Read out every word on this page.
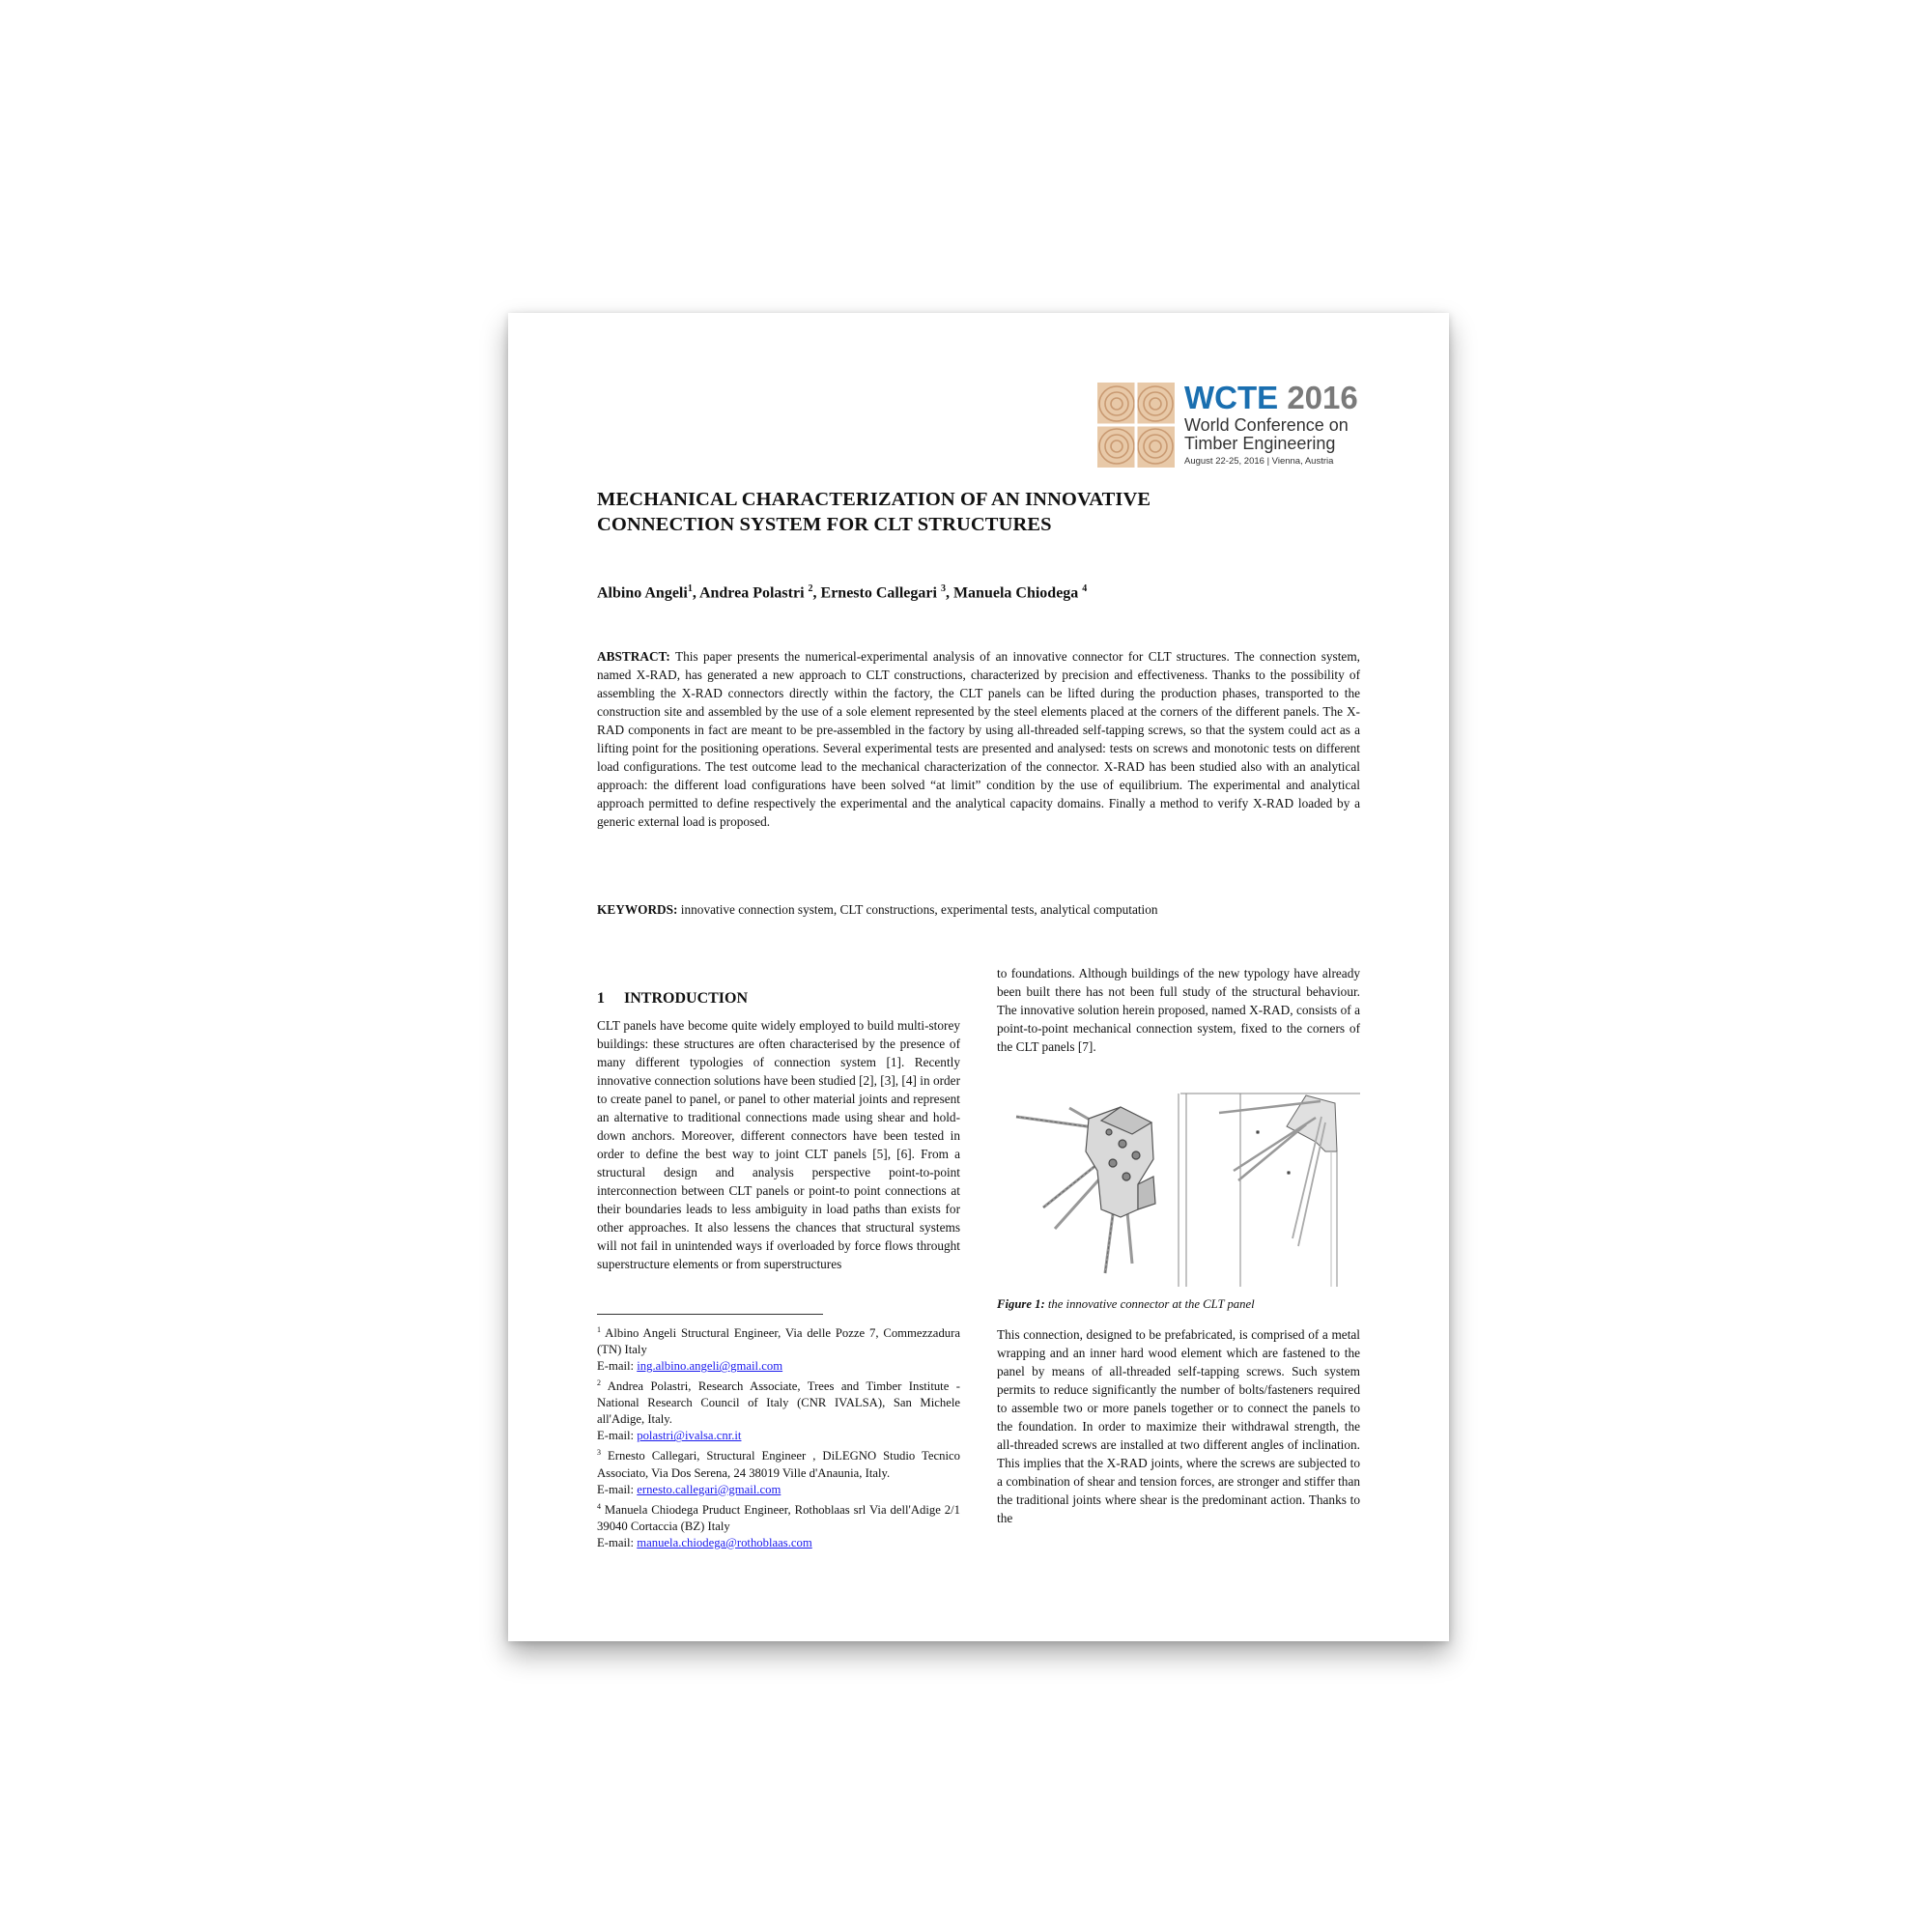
WCTE 2016
World Conference on
Timber Engineering
August 22-25, 2016 | Vienna, Austria
MECHANICAL CHARACTERIZATION OF AN INNOVATIVE
CONNECTION SYSTEM FOR CLT STRUCTURES
Albino Angeli$^1$, Andrea Polastri $^2$, Ernesto Callegari $^3$, Manuela Chiodega $^4$
ABSTRACT: This paper presents the numerical-experimental analysis of an innovative connector for CLT structures. The connection system, named X-RAD, has generated a new approach to CLT constructions, characterized by precision and effectiveness. Thanks to the possibility of assembling the X-RAD connectors directly within the factory, the CLT panels can be lifted during the production phases, transported to the construction site and assembled by the use of a sole element represented by the steel elements placed at the corners of the different panels. The X-RAD components in fact are meant to be pre-assembled in the factory by using all-threaded self-tapping screws, so that the system could act as a lifting point for the positioning operations. Several experimental tests are presented and analysed: tests on screws and monotonic tests on different load configurations. The test outcome lead to the mechanical characterization of the connector. X-RAD has been studied also with an analytical approach: the different load configurations have been solved “at limit” condition by the use of equilibrium. The experimental and analytical approach permitted to define respectively the experimental and the analytical capacity domains. Finally a method to verify X-RAD loaded by a generic external load is proposed.
KEYWORDS: innovative connection system, CLT constructions, experimental tests, analytical computation
1 INTRODUCTION

CLT panels have become quite widely employed to build multi-storey buildings: these structures are often characterised by the presence of many different typologies of connection system [1]. Recently innovative connection solutions have been studied [2], [3], [4] in order to create panel to panel, or panel to other material joints and represent an alternative to traditional connections made using shear and hold-down anchors. Moreover, different connectors have been tested in order to define the best way to joint CLT panels [5], [6]. From a structural design and analysis perspective point-to-point interconnection between CLT panels or point-to point connections at their boundaries leads to less ambiguity in load paths than exists for other approaches. It also lessens the chances that structural systems will not fail in unintended ways if overloaded by force flows throught superstructure elements or from superstructures

$^1$ Albino Angeli Structural Engineer, Via delle Pozze 7, Commezzadura (TN) Italy
E-mail: ing.albino.angeli@gmail.com

$^2$ Andrea Polastri, Research Associate, Trees and Timber Institute - National Research Council of Italy (CNR IVALSA), San Michele all'Adige, Italy.
E-mail: polastri@ivalsa.cnr.it

$^3$ Ernesto Callegari, Structural Engineer , DiLEGNO Studio Tecnico Associato, Via Dos Serena, 24 38019 Ville d'Anaunia, Italy.
E-mail: ernesto.callegari@gmail.com

$^4$ Manuela Chiodega Pruduct Engineer, Rothoblaas srl Via dell'Adige 2/1 39040 Cortaccia (BZ) Italy
E-mail: manuela.chiodega@rothoblaas.com

to foundations. Although buildings of the new typology have already been built there has not been full study of the structural behaviour. The innovative solution herein proposed, named X-RAD, consists of a point-to-point mechanical connection system, fixed to the corners of the CLT panels [7].

Figure 1: the innovative connector at the CLT panel

This connection, designed to be prefabricated, is comprised of a metal wrapping and an inner hard wood element which are fastened to the panel by means of all-threaded self-tapping screws. Such system permits to reduce significantly the number of bolts/fasteners required to assemble two or more panels together or to connect the panels to the foundation. In order to maximize their withdrawal strength, the all-threaded screws are installed at two different angles of inclination. This implies that the X-RAD joints, where the screws are subjected to a combination of shear and tension forces, are stronger and stiffer than the traditional joints where shear is the predominant action. Thanks to the
